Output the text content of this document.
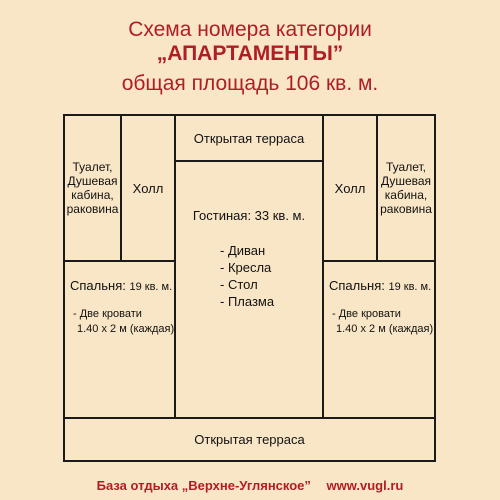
Схема номера категории
„АПАРТАМЕНТЫ”
общая площадь 106 кв. м.
Открытая терраса
Туалет, Душевая кабина, раковина
Холл
Гостиная: 33 кв. м.
- Диван
- Кресла
- Стол
- Плазма
Холл
Туалет, Душевая кабина, раковина
Спальня: 19 кв. м.
- Две кровати
1.40 х 2 м (каждая)
Спальня: 19 кв. м.
- Две кровати
1.40 х 2 м (каждая)
Открытая терраса
База отдыха „Верхне-Углянское” www.vugl.ru
